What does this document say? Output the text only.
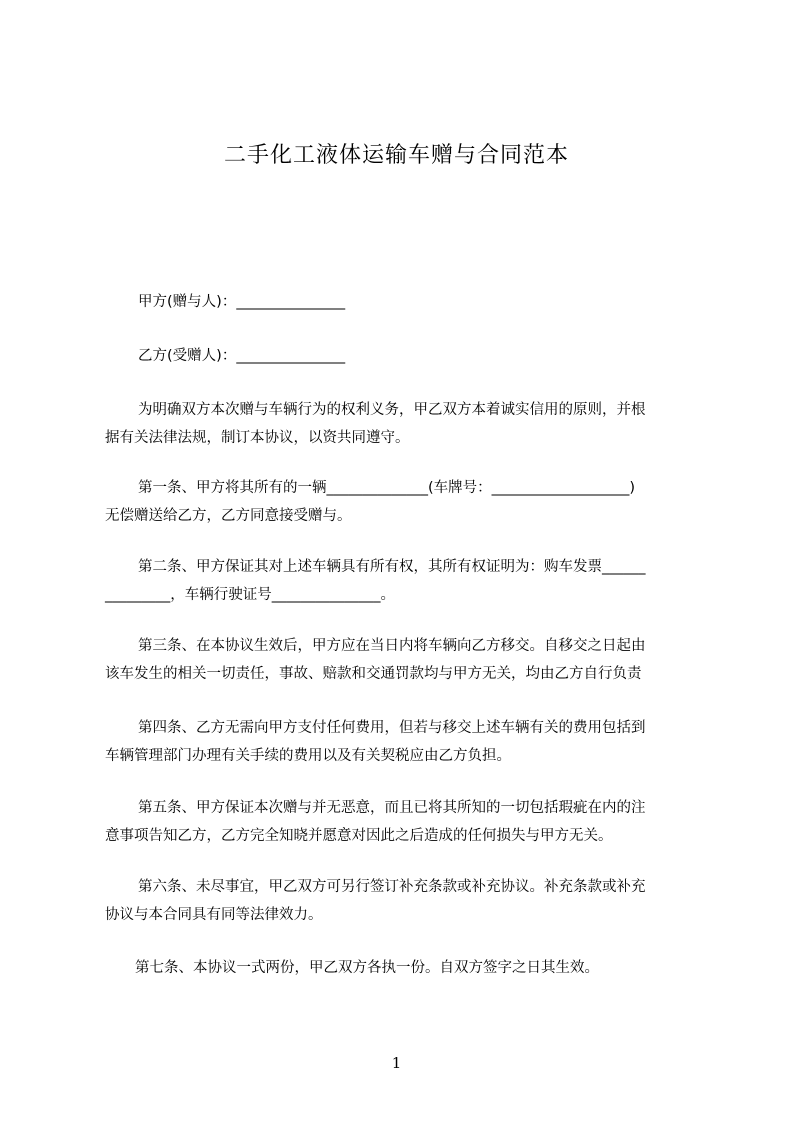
二手化工液体运输车赠与合同范本
甲方(赠与人)：_______________
乙方(受赠人)：_______________
为明确双方本次赠与车辆行为的权利义务，甲乙双方本着诚实信用的原则，并根
据有关法律法规，制订本协议，以资共同遵守。
第一条、甲方将其所有的一辆______________(车牌号：___________________)
无偿赠送给乙方，乙方同意接受赠与。
第二条、甲方保证其对上述车辆具有所有权，其所有权证明为：购车发票______
_________，车辆行驶证号_______________。
第三条、在本协议生效后，甲方应在当日内将车辆向乙方移交。自移交之日起由
该车发生的相关一切责任，事故、赔款和交通罚款均与甲方无关，均由乙方自行负责
第四条、乙方无需向甲方支付任何费用，但若与移交上述车辆有关的费用包括到
车辆管理部门办理有关手续的费用以及有关契税应由乙方负担。
第五条、甲方保证本次赠与并无恶意，而且已将其所知的一切包括瑕疵在内的注
意事项告知乙方，乙方完全知晓并愿意对因此之后造成的任何损失与甲方无关。
第六条、未尽事宜，甲乙双方可另行签订补充条款或补充协议。补充条款或补充
协议与本合同具有同等法律效力。
第七条、本协议一式两份，甲乙双方各执一份。自双方签字之日其生效。
1
